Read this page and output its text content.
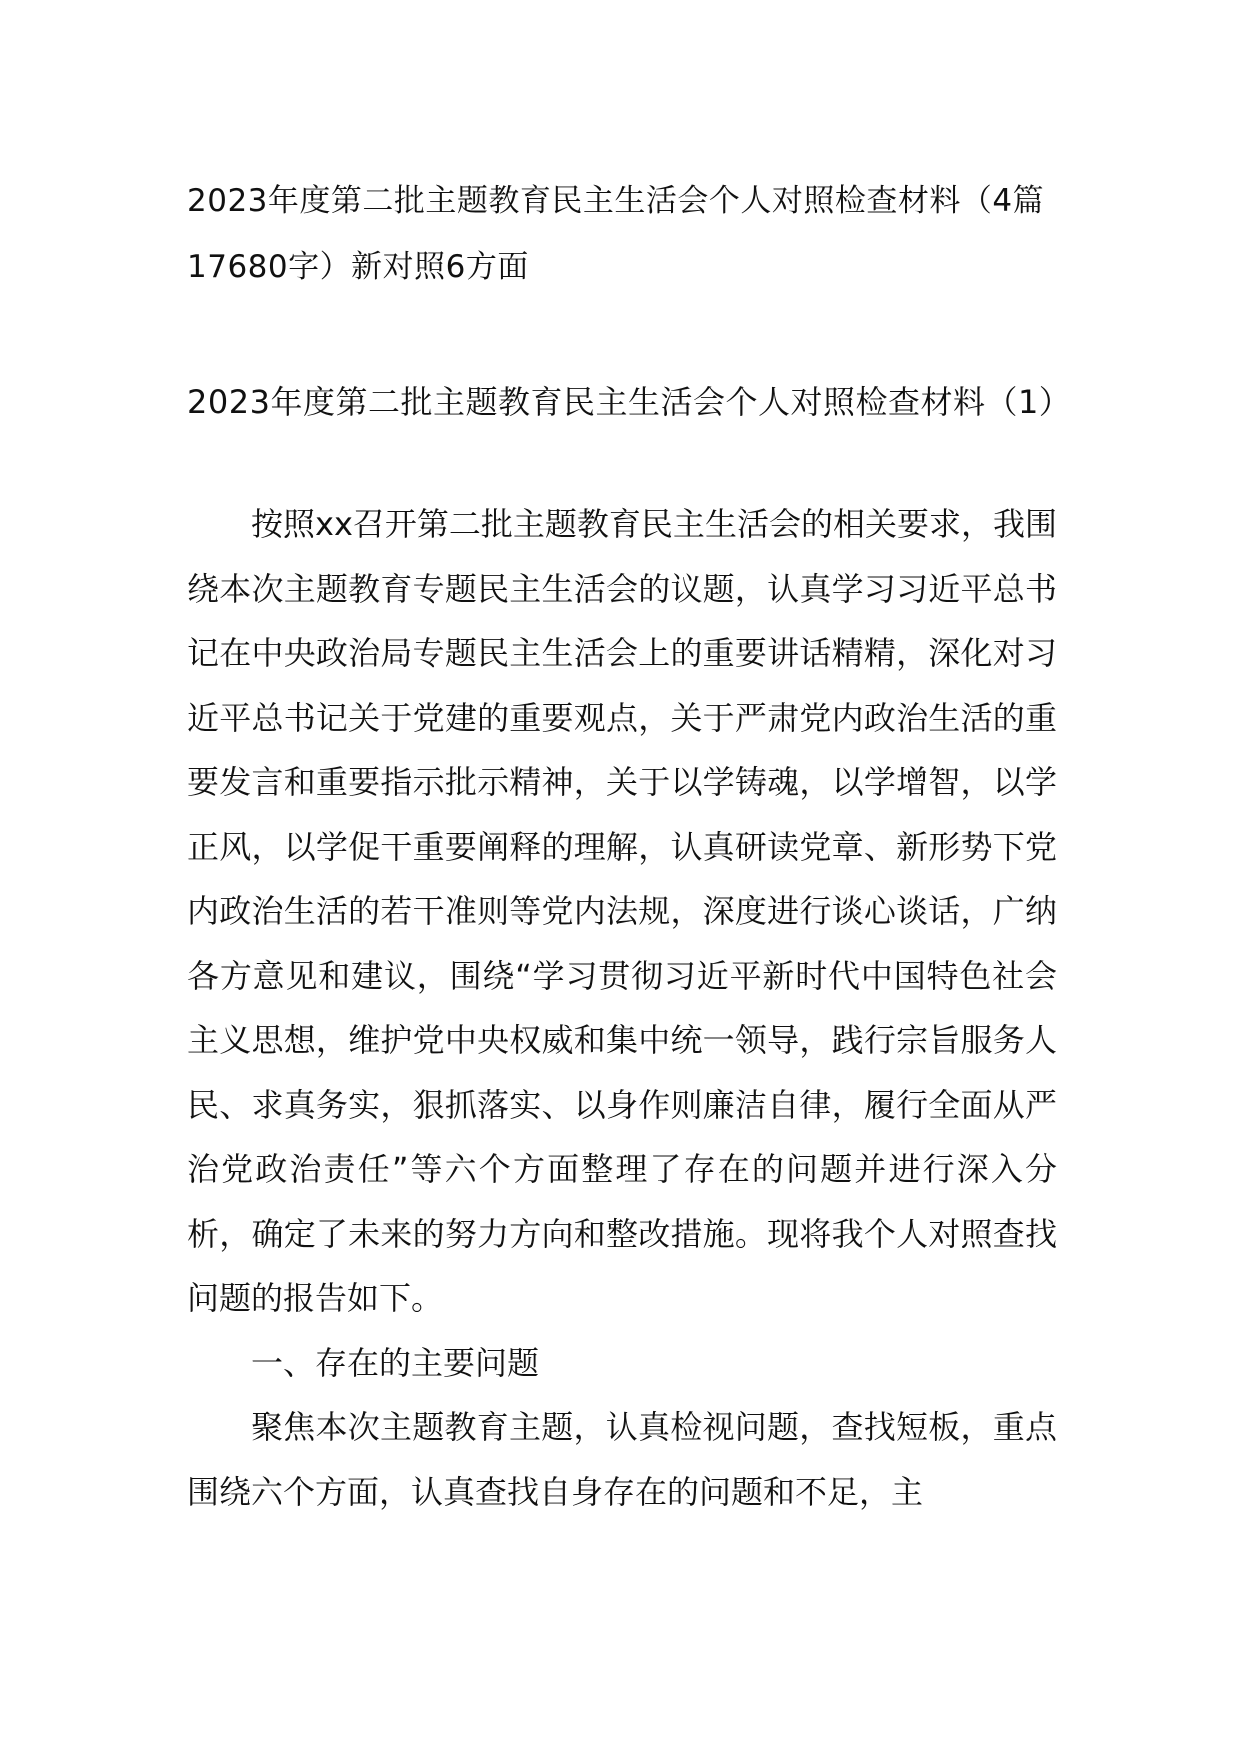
2023年度第二批主题教育民主生活会个人对照检查材料（4篇17680字）新对照6方面
2023年度第二批主题教育民主生活会个人对照检查材料（1）

按照xx召开第二批主题教育民主生活会的相关要求，我围绕本次主题教育专题民主生活会的议题，认真学习习近平总书记在中央政治局专题民主生活会上的重要讲话精精，深化对习近平总书记关于党建的重要观点，关于严肃党内政治生活的重要发言和重要指示批示精神，关于以学铸魂，以学增智，以学正风，以学促干重要阐释的理解，认真研读党章、新形势下党内政治生活的若干准则等党内法规，深度进行谈心谈话，广纳各方意见和建议，围绕“学习贯彻习近平新时代中国特色社会主义思想，维护党中央权威和集中统一领导，践行宗旨服务人民、求真务实，狠抓落实、以身作则廉洁自律，履行全面从严治党政治责任”等六个方面整理了存在的问题并进行深入分析，确定了未来的努力方向和整改措施。现将我个人对照查找问题的报告如下。

一、存在的主要问题

聚焦本次主题教育主题，认真检视问题，查找短板，重点围绕六个方面，认真查找自身存在的问题和不足，主
